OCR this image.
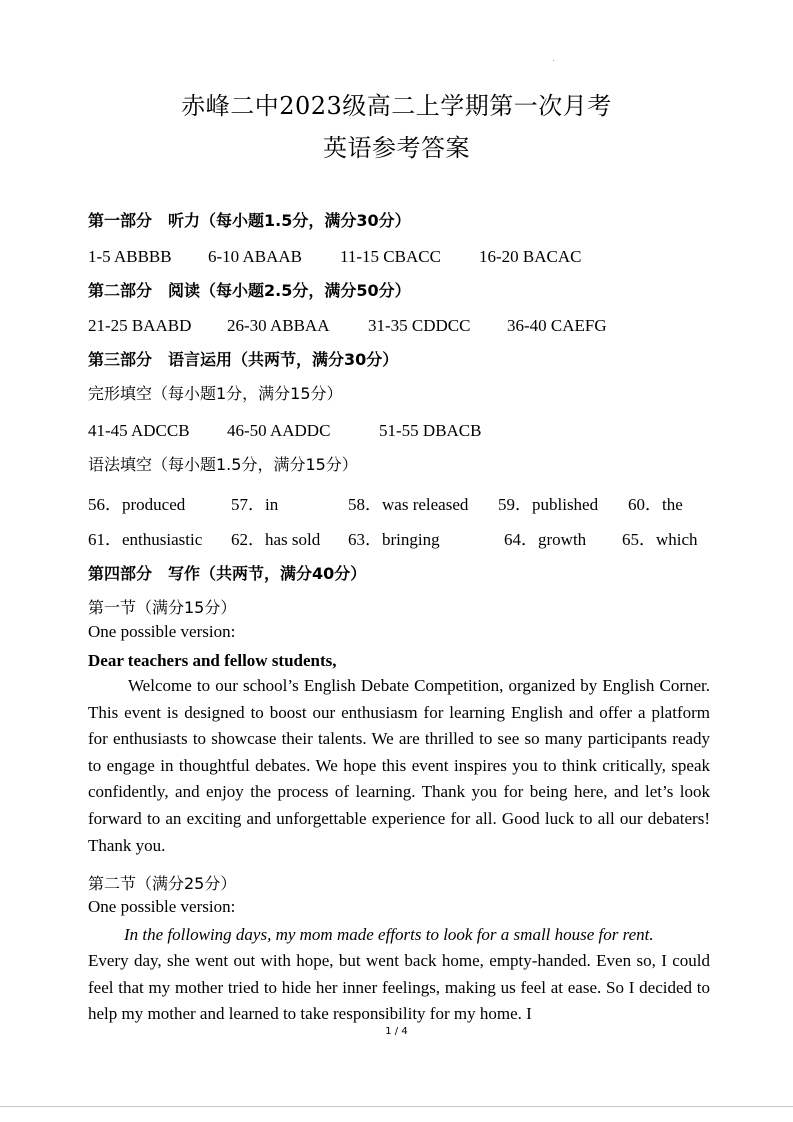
赤峰二中2023级高二上学期第一次月考
英语参考答案
第一部分　听力（每小题1.5分，满分30分）
1-5 ABBBB 6-10 ABAAB 11-15 CBACC 16-20 BACAC
第二部分　阅读（每小题2.5分，满分50分）
21-25 BAABD 26-30 ABBAA 31-35 CDDCC 36-40 CAEFG
第三部分　语言运用（共两节，满分30分）
完形填空（每小题1分，满分15分）
41-45 ADCCB 46-50 AADDC	51-55 DBACB
语法填空（每小题1.5分，满分15分）
56．produced	57．in	58．was released 59．published 60．the
61．enthusiastic 62．has sold 63．bringing	64．growth 65．which
第四部分　写作（共两节，满分40分）
第一节（满分15分）
One possible version:
Dear teachers and fellow students,
Welcome to our school’s English Debate Competition, organized by English Corner. This event is designed to boost our enthusiasm for learning English and offer a platform for enthusiasts to showcase their talents. We are thrilled to see so many participants ready to engage in thoughtful debates. We hope this event inspires you to think critically, speak confidently, and enjoy the process of learning. Thank you for being here, and let’s look forward to an exciting and unforgettable experience for all. Good luck to all our debaters! Thank you.
第二节（满分25分）
One possible version:
In the following days, my mom made efforts to look for a small house for rent.
Every day, she went out with hope, but went back home, empty-handed. Even so, I could feel that my mother tried to hide her inner feelings, making us feel at ease. So I decided to help my mother and learned to take responsibility for my home. I
1 / 4
